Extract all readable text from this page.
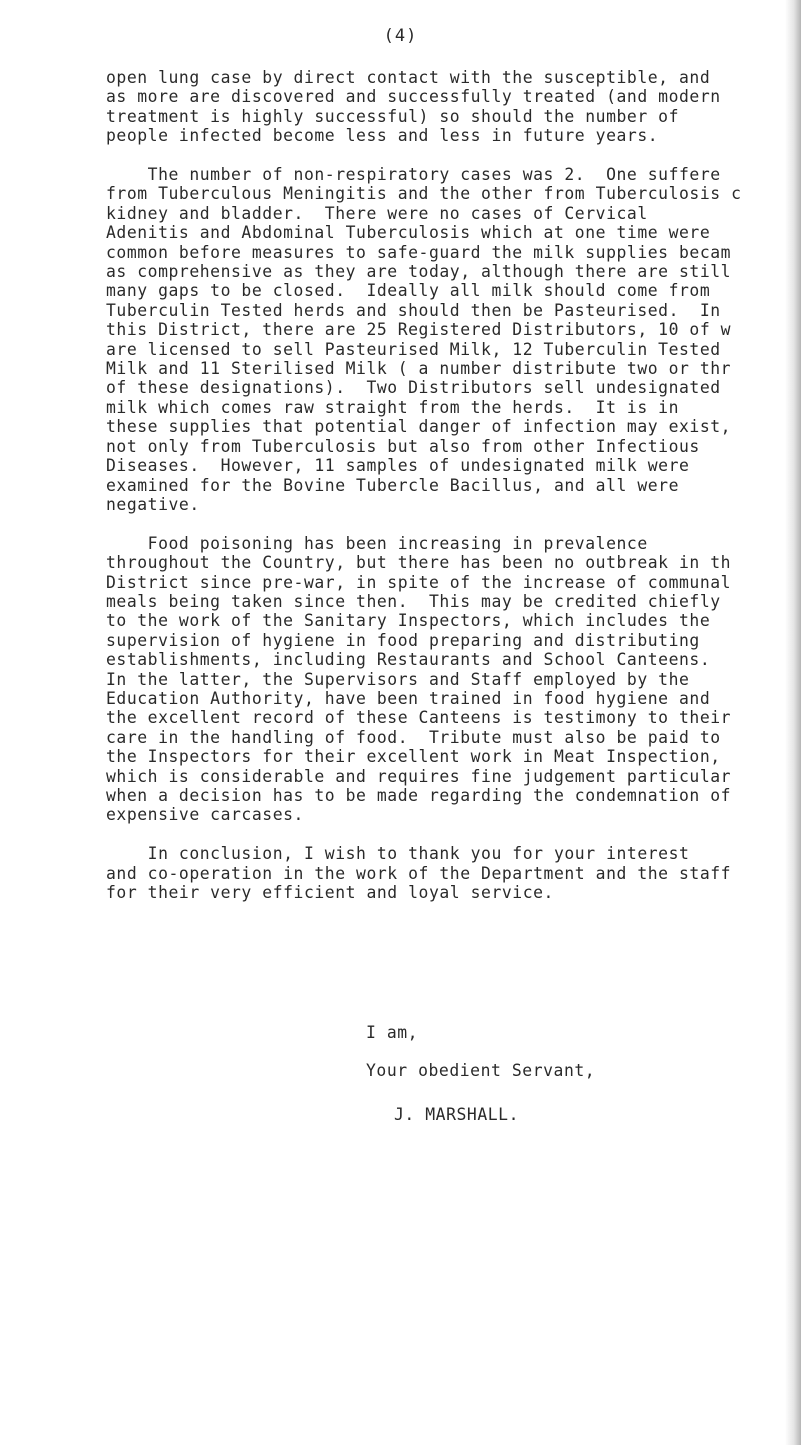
(4)
open lung case by direct contact with the susceptible, and
as more are discovered and successfully treated (and modern
treatment is highly successful) so should the number of
people infected become less and less in future years.
The number of non-respiratory cases was 2.  One suffere
from Tuberculous Meningitis and the other from Tuberculosis c
kidney and bladder.  There were no cases of Cervical
Adenitis and Abdominal Tuberculosis which at one time were
common before measures to safe-guard the milk supplies becam
as comprehensive as they are today, although there are still
many gaps to be closed.  Ideally all milk should come from
Tuberculin Tested herds and should then be Pasteurised.  In
this District, there are 25 Registered Distributors, 10 of w
are licensed to sell Pasteurised Milk, 12 Tuberculin Tested
Milk and 11 Sterilised Milk ( a number distribute two or thr
of these designations).  Two Distributors sell undesignated
milk which comes raw straight from the herds.  It is in
these supplies that potential danger of infection may exist,
not only from Tuberculosis but also from other Infectious
Diseases.  However, 11 samples of undesignated milk were
examined for the Bovine Tubercle Bacillus, and all were
negative.
Food poisoning has been increasing in prevalence
throughout the Country, but there has been no outbreak in th
District since pre-war, in spite of the increase of communal
meals being taken since then.  This may be credited chiefly
to the work of the Sanitary Inspectors, which includes the
supervision of hygiene in food preparing and distributing
establishments, including Restaurants and School Canteens.
In the latter, the Supervisors and Staff employed by the
Education Authority, have been trained in food hygiene and
the excellent record of these Canteens is testimony to their
care in the handling of food.  Tribute must also be paid to
the Inspectors for their excellent work in Meat Inspection,
which is considerable and requires fine judgement particular
when a decision has to be made regarding the condemnation of
expensive carcases.
In conclusion, I wish to thank you for your interest
and co-operation in the work of the Department and the staff
for their very efficient and loyal service.
I am,
Your obedient Servant,
J. MARSHALL.
